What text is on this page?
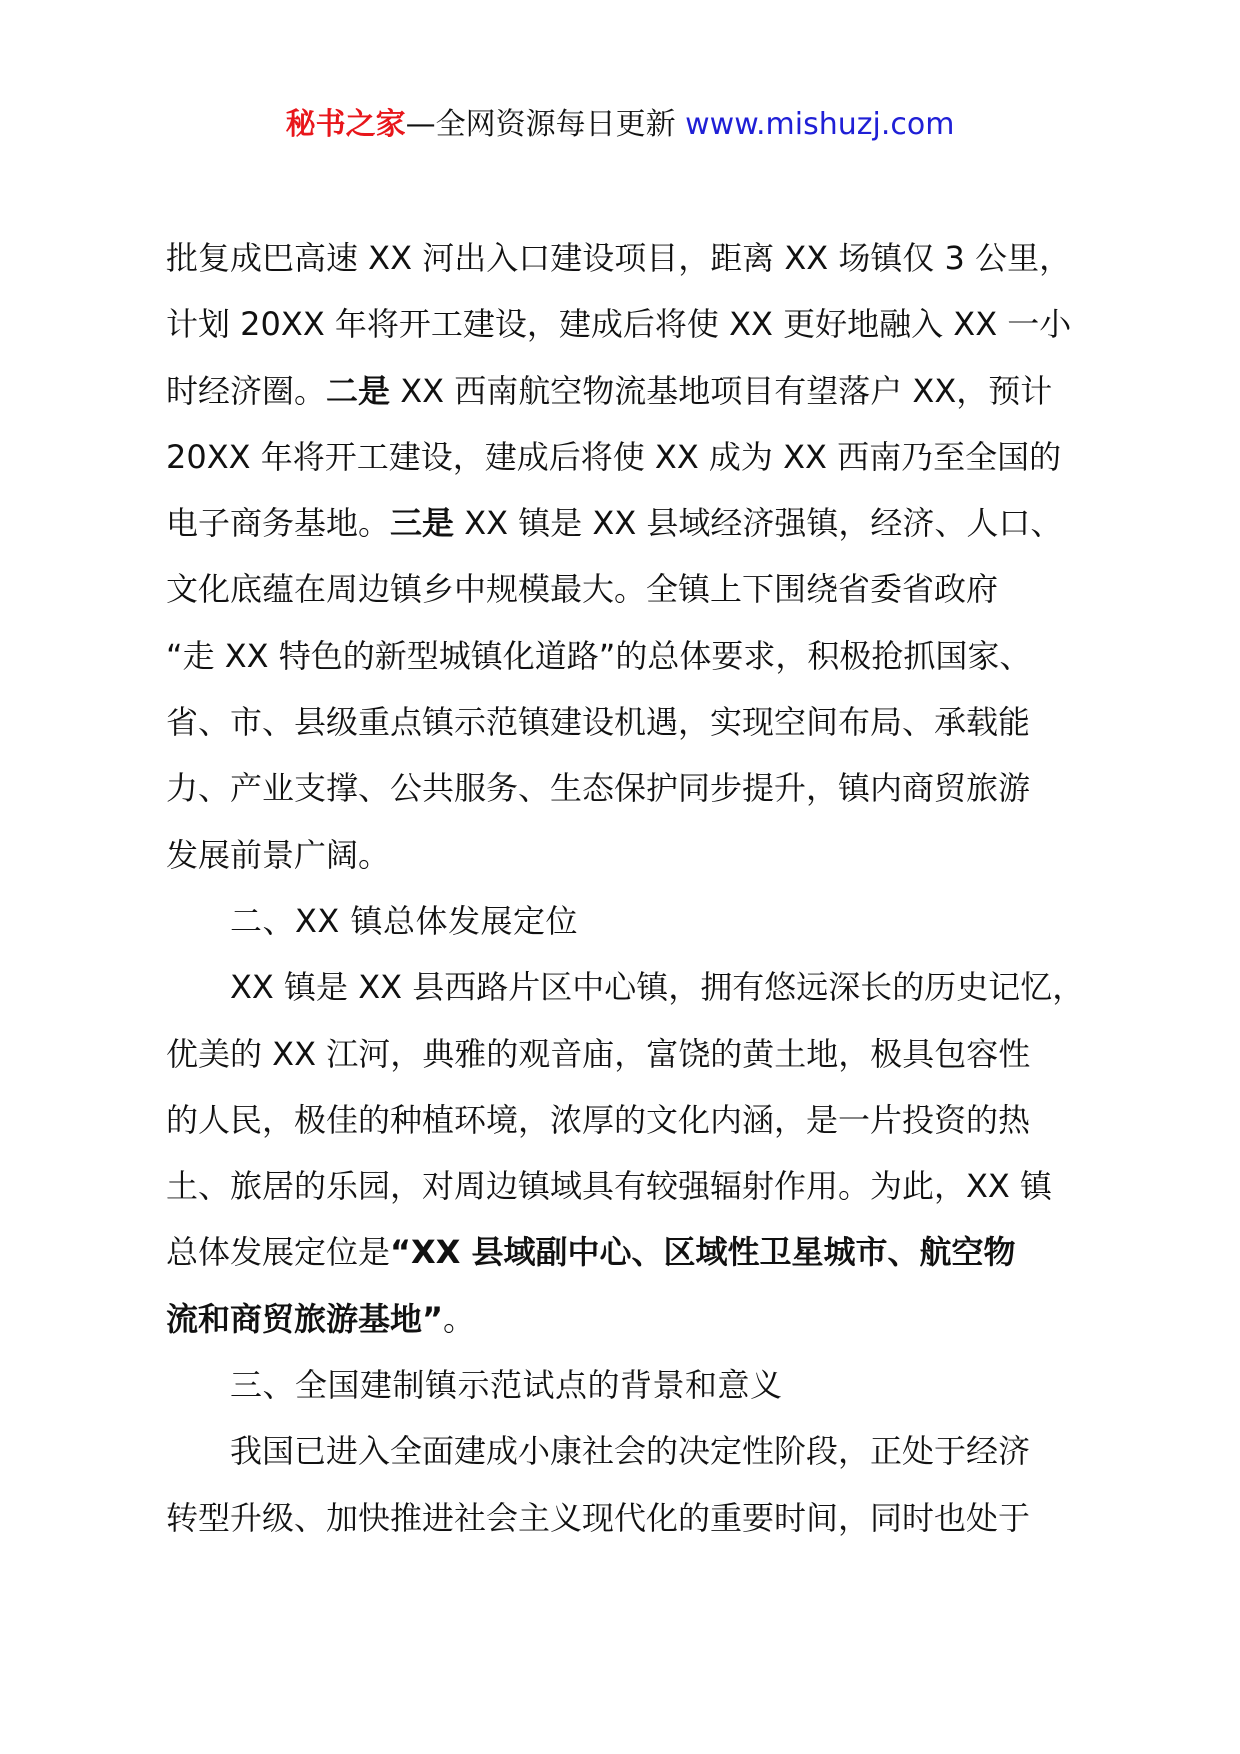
秘书之家—全网资源每日更新 www.mishuzj.com
批复成巴高速 XX 河出入口建设项目，距离 XX 场镇仅 3 公里，
计划 20XX 年将开工建设，建成后将使 XX 更好地融入 XX 一小
时经济圈。二是 XX 西南航空物流基地项目有望落户 XX，预计
20XX 年将开工建设，建成后将使 XX 成为 XX 西南乃至全国的
电子商务基地。三是 XX 镇是 XX 县域经济强镇，经济、人口、
文化底蕴在周边镇乡中规模最大。全镇上下围绕省委省政府
“走 XX 特色的新型城镇化道路”的总体要求，积极抢抓国家、
省、市、县级重点镇示范镇建设机遇，实现空间布局、承载能
力、产业支撑、公共服务、生态保护同步提升，镇内商贸旅游
发展前景广阔。
二、XX 镇总体发展定位
XX 镇是 XX 县西路片区中心镇，拥有悠远深长的历史记忆，
优美的 XX 江河，典雅的观音庙，富饶的黄土地，极具包容性
的人民，极佳的种植环境，浓厚的文化内涵，是一片投资的热
土、旅居的乐园，对周边镇域具有较强辐射作用。为此，XX 镇
总体发展定位是“XX 县域副中心、区域性卫星城市、航空物
流和商贸旅游基地”。
三、全国建制镇示范试点的背景和意义
我国已进入全面建成小康社会的决定性阶段，正处于经济
转型升级、加快推进社会主义现代化的重要时间，同时也处于
